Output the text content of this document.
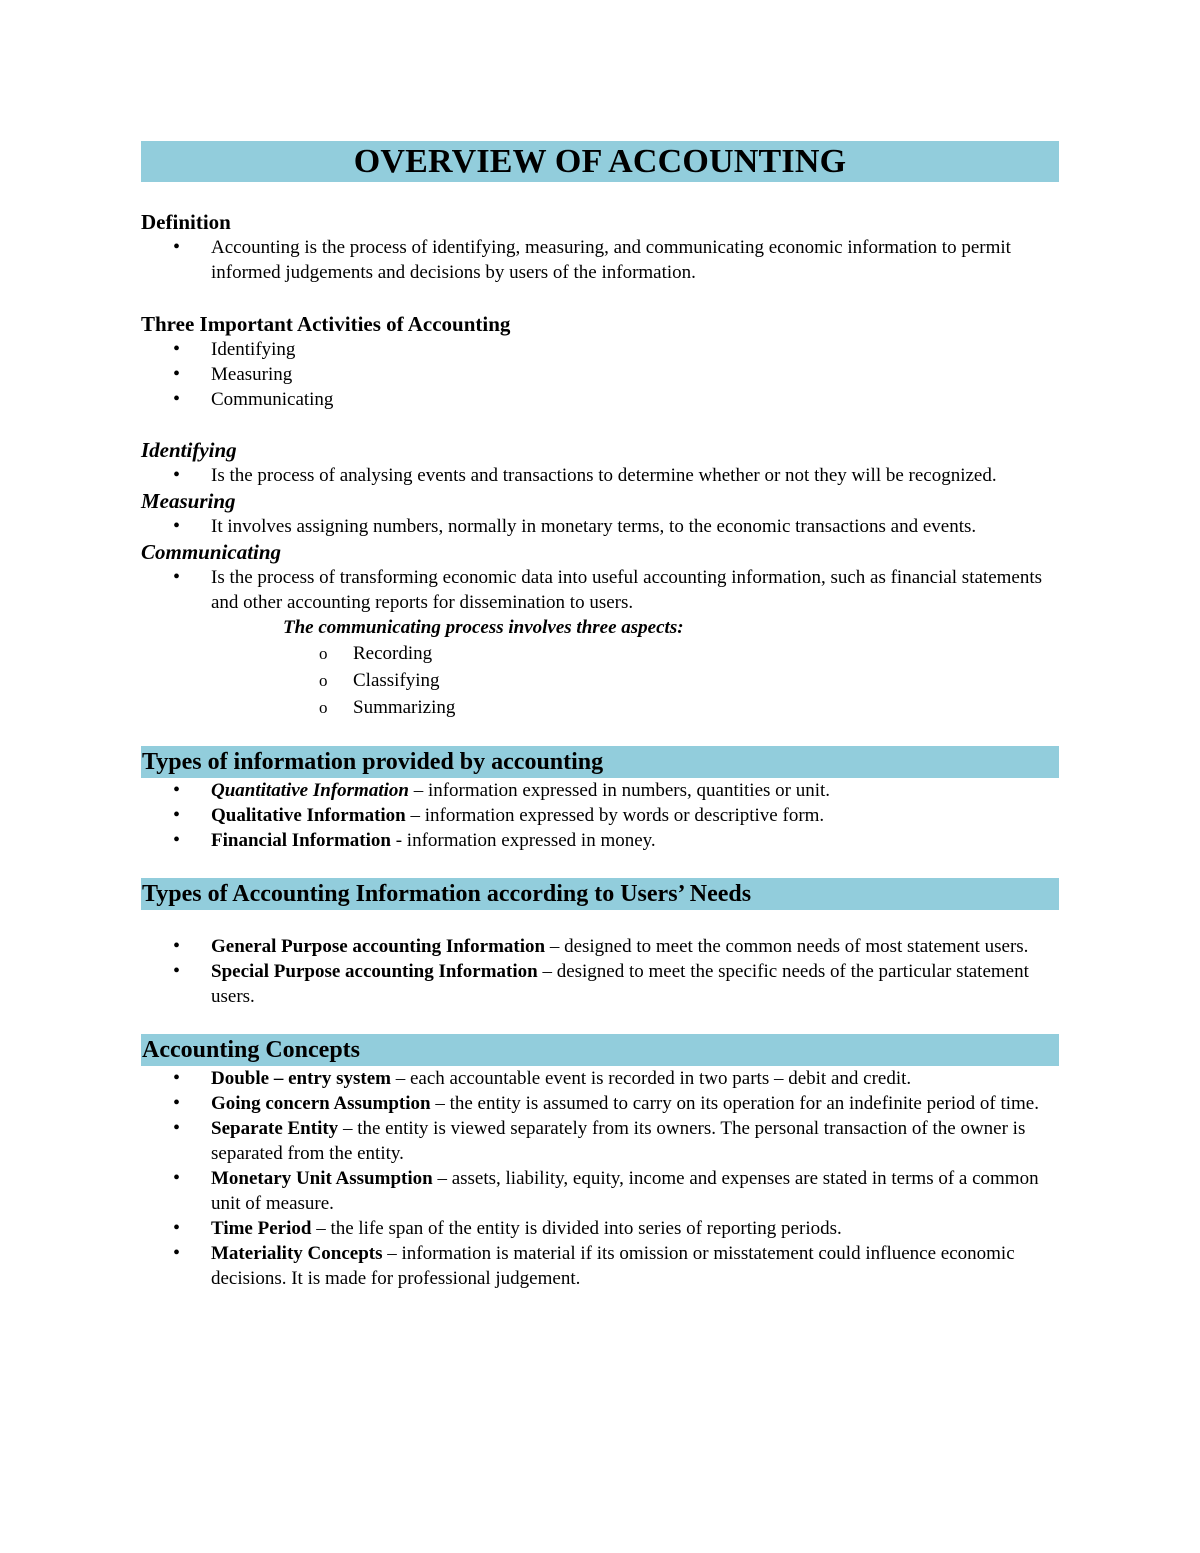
OVERVIEW OF ACCOUNTING
Definition
• Accounting is the process of identifying, measuring, and communicating economic information to permit informed judgements and decisions by users of the information.
Three Important Activities of Accounting
• Identifying
• Measuring
• Communicating
Identifying
• Is the process of analysing events and transactions to determine whether or not they will be recognized.
Measuring
• It involves assigning numbers, normally in monetary terms, to the economic transactions and events.
Communicating
• Is the process of transforming economic data into useful accounting information, such as financial statements and other accounting reports for dissemination to users.
The communicating process involves three aspects:
o Recording
o Classifying
o Summarizing
Types of information provided by accounting
• Quantitative Information – information expressed in numbers, quantities or unit.
• Qualitative Information – information expressed by words or descriptive form.
• Financial Information - information expressed in money.
Types of Accounting Information according to Users’ Needs
• General Purpose accounting Information – designed to meet the common needs of most statement users.
• Special Purpose accounting Information – designed to meet the specific needs of the particular statement users.
Accounting Concepts
• Double – entry system – each accountable event is recorded in two parts – debit and credit.
• Going concern Assumption – the entity is assumed to carry on its operation for an indefinite period of time.
• Separate Entity – the entity is viewed separately from its owners. The personal transaction of the owner is separated from the entity.
• Monetary Unit Assumption – assets, liability, equity, income and expenses are stated in terms of a common unit of measure.
• Time Period – the life span of the entity is divided into series of reporting periods.
• Materiality Concepts – information is material if its omission or misstatement could influence economic decisions. It is made for professional judgement.
